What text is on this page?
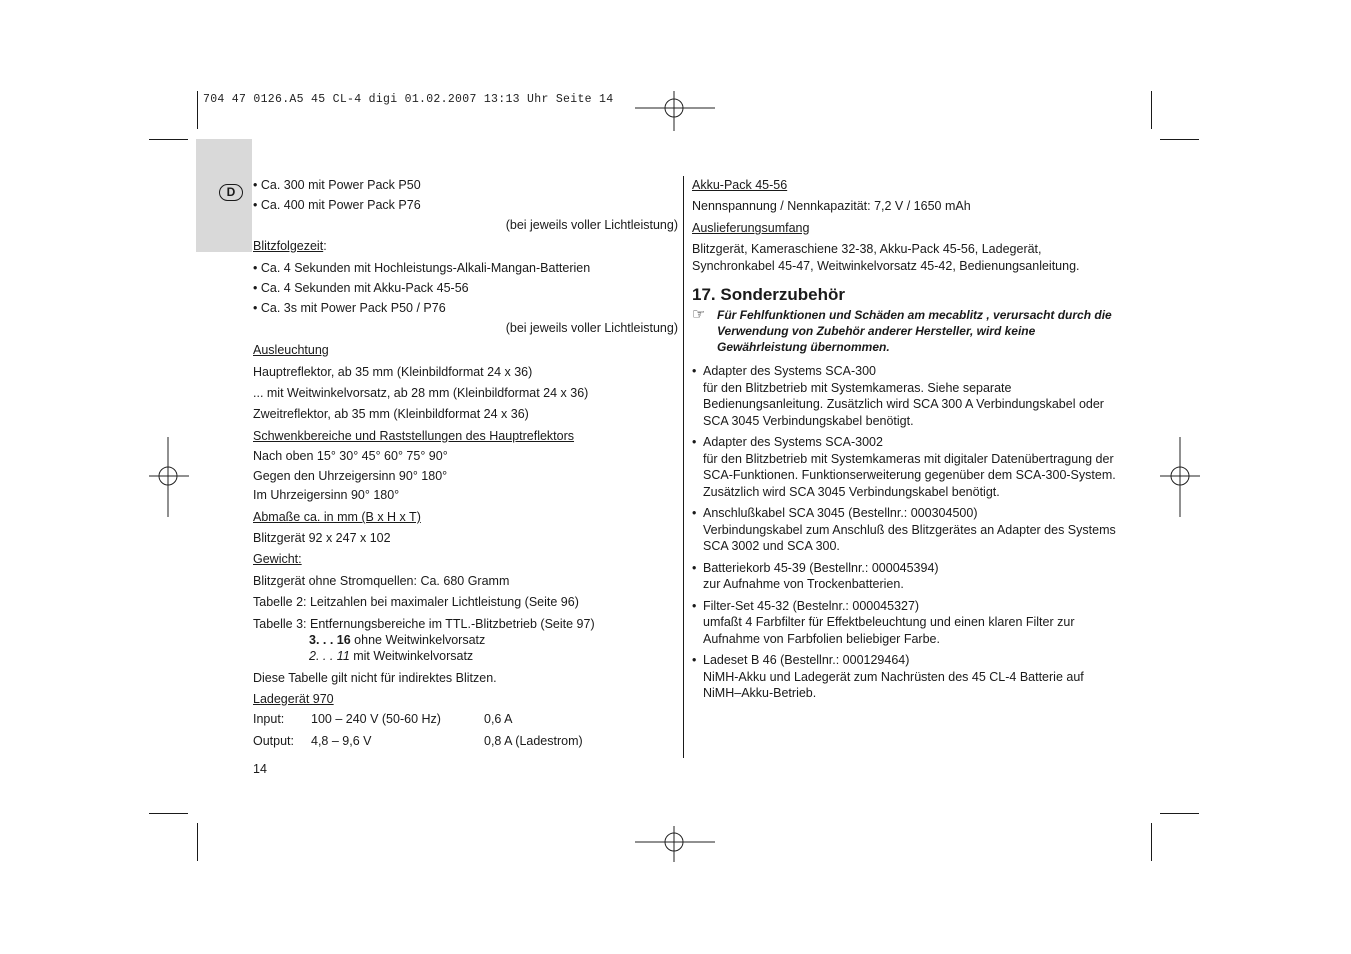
704 47 0126.A5 45 CL-4 digi 01.02.2007 13:13 Uhr Seite 14
D	• Ca. 300 mit Power Pack P50
• Ca. 400 mit Power Pack P76
(bei jeweils voller Lichtleistung)
Blitzfolgezeit:
• Ca. 4 Sekunden mit Hochleistungs-Alkali-Mangan-Batterien
• Ca. 4 Sekunden mit Akku-Pack 45-56
• Ca. 3s mit Power Pack P50 / P76
(bei jeweils voller Lichtleistung)
Ausleuchtung
Hauptreflektor, ab 35 mm (Kleinbildformat 24 x 36)
... mit Weitwinkelvorsatz, ab 28 mm (Kleinbildformat 24 x 36)
Zweitreflektor, ab 35 mm (Kleinbildformat 24 x 36)
Schwenkbereiche und Raststellungen des Hauptreflektors
Nach oben 15° 30° 45° 60° 75° 90°
Gegen den Uhrzeigersinn 90° 180°
Im Uhrzeigersinn 90° 180°
Abmaße ca. in mm (B x H x T)
Blitzgerät 92 x 247 x 102
Gewicht:
Blitzgerät ohne Stromquellen: Ca. 680 Gramm
Tabelle 2: Leitzahlen bei maximaler Lichtleistung (Seite 96)
Tabelle 3: Entfernungsbereiche im TTL.-Blitzbetrieb (Seite 97)
3. . . 16 ohne Weitwinkelvorsatz
2. . . 11 mit Weitwinkelvorsatz
Diese Tabelle gilt nicht für indirektes Blitzen.
Ladegerät 970
Input: 100 – 240 V (50-60 Hz)	0,6 A
Output: 4,8 – 9,6 V	0,8 A (Ladestrom)
14
Akku-Pack 45-56
Nennspannung / Nennkapazität: 7,2 V / 1650 mAh
Auslieferungsumfang
Blitzgerät, Kameraschiene 32-38, Akku-Pack 45-56, Ladegerät,
Synchronkabel 45-47, Weitwinkelvorsatz 45-42, Bedienungsanleitung.
17. Sonderzubehör
☞ Für Fehlfunktionen und Schäden am mecablitz , verursacht durch die
Verwendung von Zubehör anderer Hersteller, wird keine
Gewährleistung übernommen.
• Adapter des Systems SCA-300
für den Blitzbetrieb mit Systemkameras. Siehe separate
Bedienungsanleitung. Zusätzlich wird SCA 300 A Verbindungskabel oder
SCA 3045 Verbindungskabel benötigt.
• Adapter des Systems SCA-3002
für den Blitzbetrieb mit Systemkameras mit digitaler Datenübertragung der
SCA-Funktionen. Funktionserweiterung gegenüber dem SCA-300-System.
Zusätzlich wird SCA 3045 Verbindungskabel benötigt.
• Anschlußkabel SCA 3045 (Bestellnr.: 000304500)
Verbindungskabel zum Anschluß des Blitzgerätes an Adapter des Systems
SCA 3002 und SCA 300.
• Batteriekorb 45-39 (Bestellnr.: 000045394)
zur Aufnahme von Trockenbatterien.
• Filter-Set 45-32 (Bestelnr.: 000045327)
umfaßt 4 Farbfilter für Effektbeleuchtung und einen klaren Filter zur
Aufnahme von Farbfolien beliebiger Farbe.
• Ladeset B 46 (Bestellnr.: 000129464)
NiMH-Akku und Ladegerät zum Nachrüsten des 45 CL-4 Batterie auf
NiMH–Akku-Betrieb.
